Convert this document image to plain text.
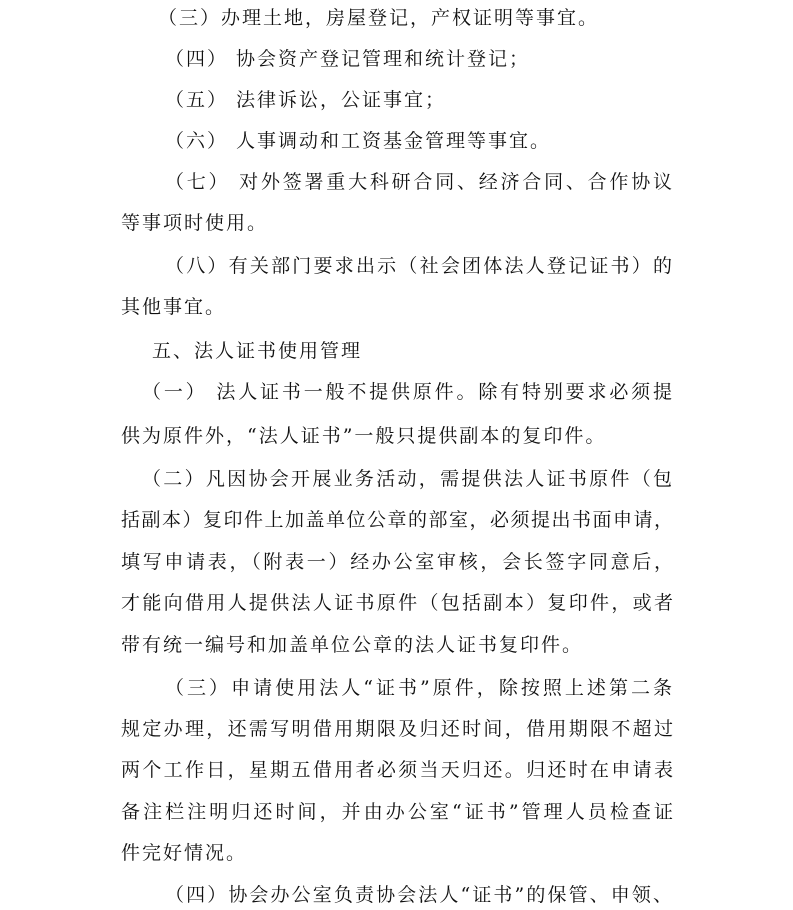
（三）办理土地，房屋登记，产权证明等事宜。
（四） 协会资产登记管理和统计登记；
（五） 法律诉讼，公证事宜；
（六） 人事调动和工资基金管理等事宜。
（七） 对外签署重大科研合同、经济合同、合作协议
等事项时使用。
（八）有关部门要求出示（社会团体法人登记证书）的
其他事宜。
五、法人证书使用管理
（一） 法人证书一般不提供原件。除有特别要求必须提
供为原件外，“法人证书”一般只提供副本的复印件。
（二）凡因协会开展业务活动，需提供法人证书原件（包
括副本）复印件上加盖单位公章的部室，必须提出书面申请，
填写申请表，（附表一）经办公室审核，会长签字同意后，
才能向借用人提供法人证书原件（包括副本）复印件，或者
带有统一编号和加盖单位公章的法人证书复印件。
（三）申请使用法人“证书”原件，除按照上述第二条
规定办理，还需写明借用期限及归还时间，借用期限不超过
两个工作日，星期五借用者必须当天归还。归还时在申请表
备注栏注明归还时间，并由办公室“证书”管理人员检查证
件完好情况。
（四）协会办公室负责协会法人“证书”的保管、申领、
